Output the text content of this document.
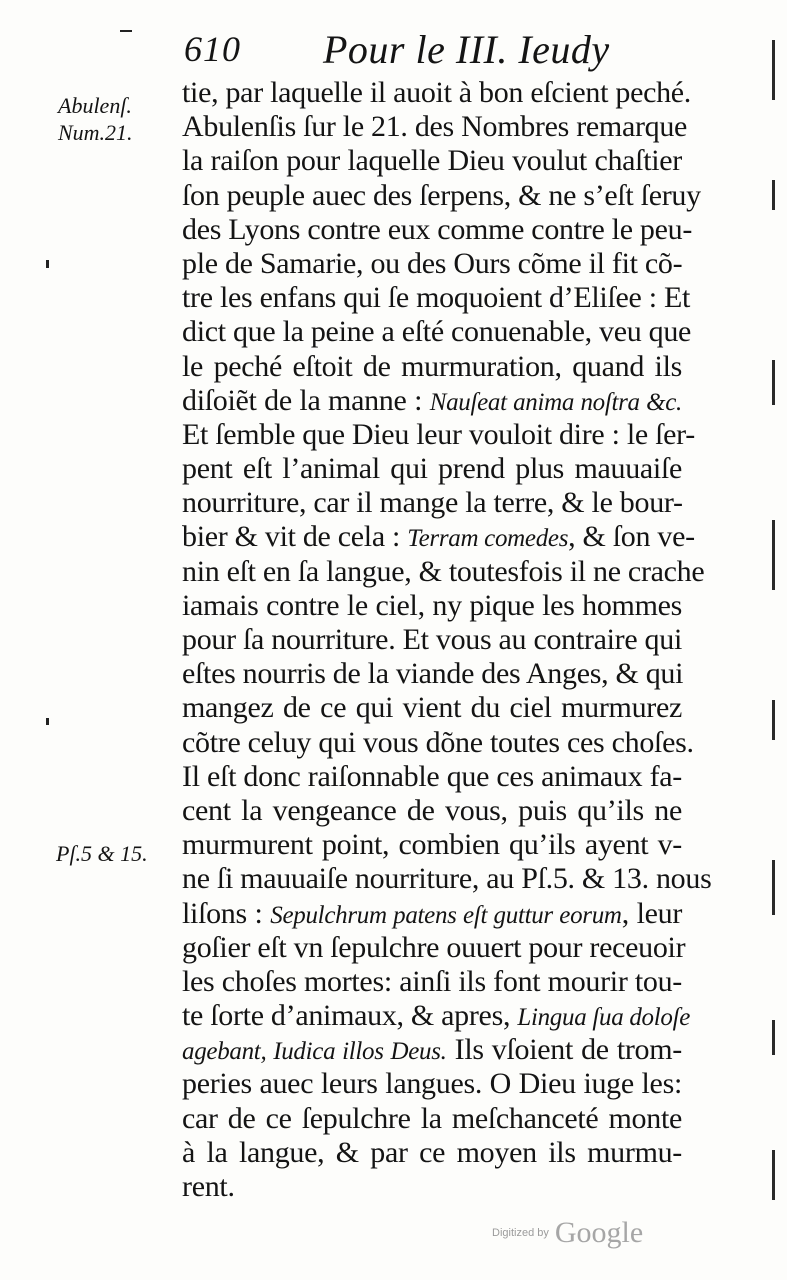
610 Pour le III. Ieudy
Abulenſ.
Num.21.
Pſ.5 & 15.
tie, par laquelle il auoit à bon eſcient peché.
Abulenſis ſur le 21. des Nombres remarque
la raiſon pour laquelle Dieu voulut chaſtier
ſon peuple auec des ſerpens, & ne s’eſt ſeruy
des Lyons contre eux comme contre le peu-
ple de Samarie, ou des Ours cõme il fit cõ-
tre les enfans qui ſe moquoient d’Eliſee : Et
dict que la peine a eſté conuenable, veu que
le peché eſtoit de murmuration, quand ils
diſoiẽt de la manne : Nauſeat anima noſtra &c.
Et ſemble que Dieu leur vouloit dire : le ſer-
pent eſt l’animal qui prend plus mauuaiſe
nourriture, car il mange la terre, & le bour-
bier & vit de cela : Terram comedes, & ſon ve-
nin eſt en ſa langue, & toutesfois il ne crache
iamais contre le ciel, ny pique les hommes
pour ſa nourriture. Et vous au contraire qui
eſtes nourris de la viande des Anges, & qui
mangez de ce qui vient du ciel murmurez
cõtre celuy qui vous dõne toutes ces choſes.
Il eſt donc raiſonnable que ces animaux fa-
cent la vengeance de vous, puis qu’ils ne
murmurent point, combien qu’ils ayent v-
ne ſi mauuaiſe nourriture, au Pſ.5. & 13. nous
liſons : Sepulchrum patens eſt guttur eorum, leur
goſier eſt vn ſepulchre ouuert pour receuoir
les choſes mortes: ainſi ils font mourir tou-
te ſorte d’animaux, & apres, Lingua ſua doloſe
agebant, Iudica illos Deus. Ils vſoient de trom-
peries auec leurs langues. O Dieu iuge les:
car de ce ſepulchre la meſchanceté monte
à la langue, & par ce moyen ils murmu-
rent.
Digitized by Google
